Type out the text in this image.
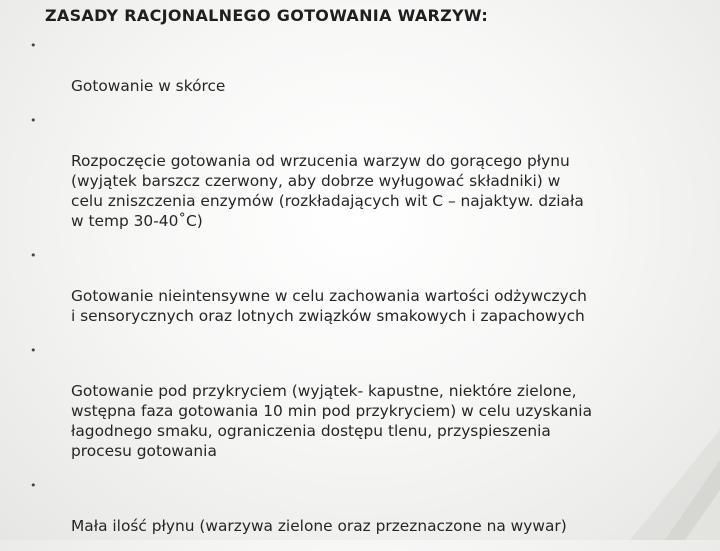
ZASADY RACJONALNEGO GOTOWANIA WARZYW:

•

Gotowanie w skórce

•

Rozpoczęcie gotowania od wrzucenia warzyw do gorącego płynu
(wyjątek barszcz czerwony, aby dobrze wyługować składniki) w
celu zniszczenia enzymów (rozkładających wit C – najaktyw. działa
w temp 30-40˚C)

•

Gotowanie nieintensywne w celu zachowania wartości odżywczych
i sensorycznych oraz lotnych związków smakowych i zapachowych

•

Gotowanie pod przykryciem (wyjątek- kapustne, niektóre zielone,
wstępna faza gotowania 10 min pod przykryciem) w celu uzyskania
łagodnego smaku, ograniczenia dostępu tlenu, przyspieszenia
procesu gotowania

•

Mała ilość płynu (warzywa zielone oraz przeznaczone na wywar)
